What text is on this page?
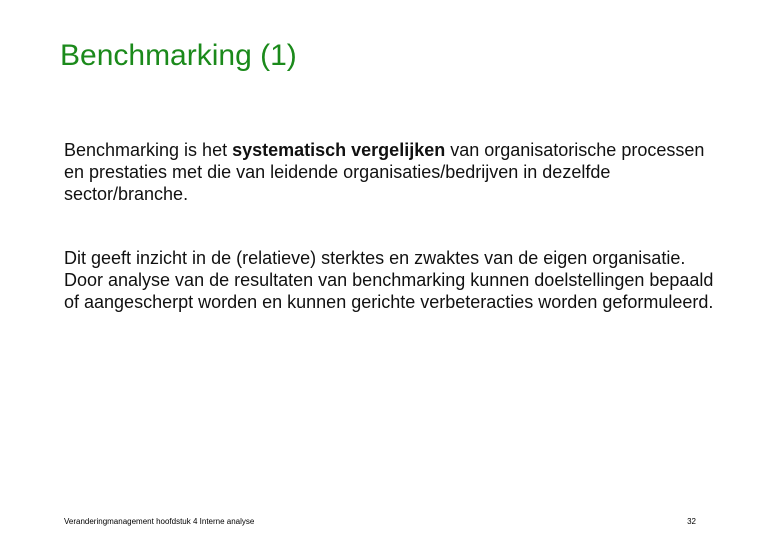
Benchmarking (1)

Benchmarking is het systematisch vergelijken van organisatorische processen en prestaties met die van leidende organisaties/bedrijven in dezelfde sector/branche.

Dit geeft inzicht in de (relatieve) sterktes en zwaktes van de eigen organisatie. Door analyse van de resultaten van benchmarking kunnen doelstellingen bepaald of aangescherpt worden en kunnen gerichte verbeteracties worden geformuleerd.

Veranderingmanagement hoofdstuk 4 Interne analyse	32
